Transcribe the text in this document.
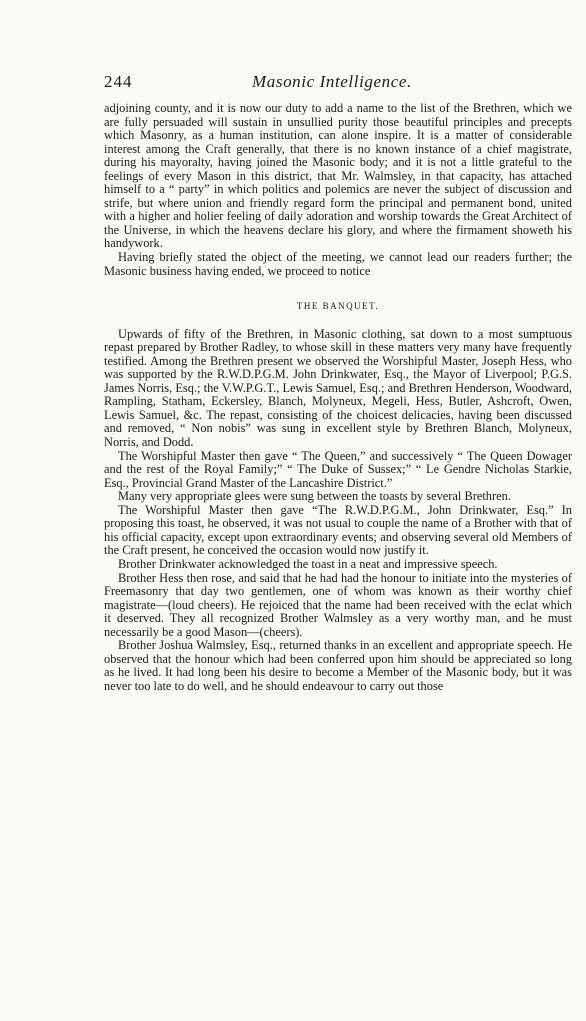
244	Masonic Intelligence.

adjoining county, and it is now our duty to add a name to the list of the Brethren, which we are fully persuaded will sustain in unsullied purity those beautiful principles and precepts which Masonry, as a human institution, can alone inspire. It is a matter of considerable interest among the Craft generally, that there is no known instance of a chief magistrate, during his mayoralty, having joined the Masonic body; and it is not a little grateful to the feelings of every Mason in this district, that Mr. Walmsley, in that capacity, has attached himself to a “ party” in which politics and polemics are never the subject of discussion and strife, but where union and friendly regard form the principal and permanent bond, united with a higher and holier feeling of daily adoration and worship towards the Great Architect of the Universe, in which the heavens declare his glory, and where the firmament showeth his handywork.

Having briefly stated the object of the meeting, we cannot lead our readers further; the Masonic business having ended, we proceed to notice

THE BANQUET.

Upwards of fifty of the Brethren, in Masonic clothing, sat down to a most sumptuous repast prepared by Brother Radley, to whose skill in these matters very many have frequently testified. Among the Brethren present we observed the Worshipful Master, Joseph Hess, who was supported by the R.W.D.P.G.M. John Drinkwater, Esq., the Mayor of Liverpool; P.G.S. James Norris, Esq.; the V.W.P.G.T., Lewis Samuel, Esq.; and Brethren Henderson, Woodward, Rampling, Statham, Eckersley, Blanch, Molyneux, Megeli, Hess, Butler, Ashcroft, Owen, Lewis Samuel, &c. The repast, consisting of the choicest delicacies, having been discussed and removed, “ Non nobis” was sung in excellent style by Brethren Blanch, Molyneux, Norris, and Dodd.

The Worshipful Master then gave “ The Queen,” and successively “ The Queen Dowager and the rest of the Royal Family;” “ The Duke of Sussex;” “ Le Gendre Nicholas Starkie, Esq., Provincial Grand Master of the Lancashire District.”

Many very appropriate glees were sung between the toasts by several Brethren.

The Worshipful Master then gave “The R.W.D.P.G.M., John Drinkwater, Esq.” In proposing this toast, he observed, it was not usual to couple the name of a Brother with that of his official capacity, except upon extraordinary events; and observing several old Members of the Craft present, he conceived the occasion would now justify it.

Brother Drinkwater acknowledged the toast in a neat and impressive speech.

Brother Hess then rose, and said that he had had the honour to initiate into the mysteries of Freemasonry that day two gentlemen, one of whom was known as their worthy chief magistrate—(loud cheers). He rejoiced that the name had been received with the eclat which it deserved. They all recognized Brother Walmsley as a very worthy man, and he must necessarily be a good Mason—(cheers).

Brother Joshua Walmsley, Esq., returned thanks in an excellent and appropriate speech. He observed that the honour which had been conferred upon him should be appreciated so long as he lived. It had long been his desire to become a Member of the Masonic body, but it was never too late to do well, and he should endeavour to carry out those
